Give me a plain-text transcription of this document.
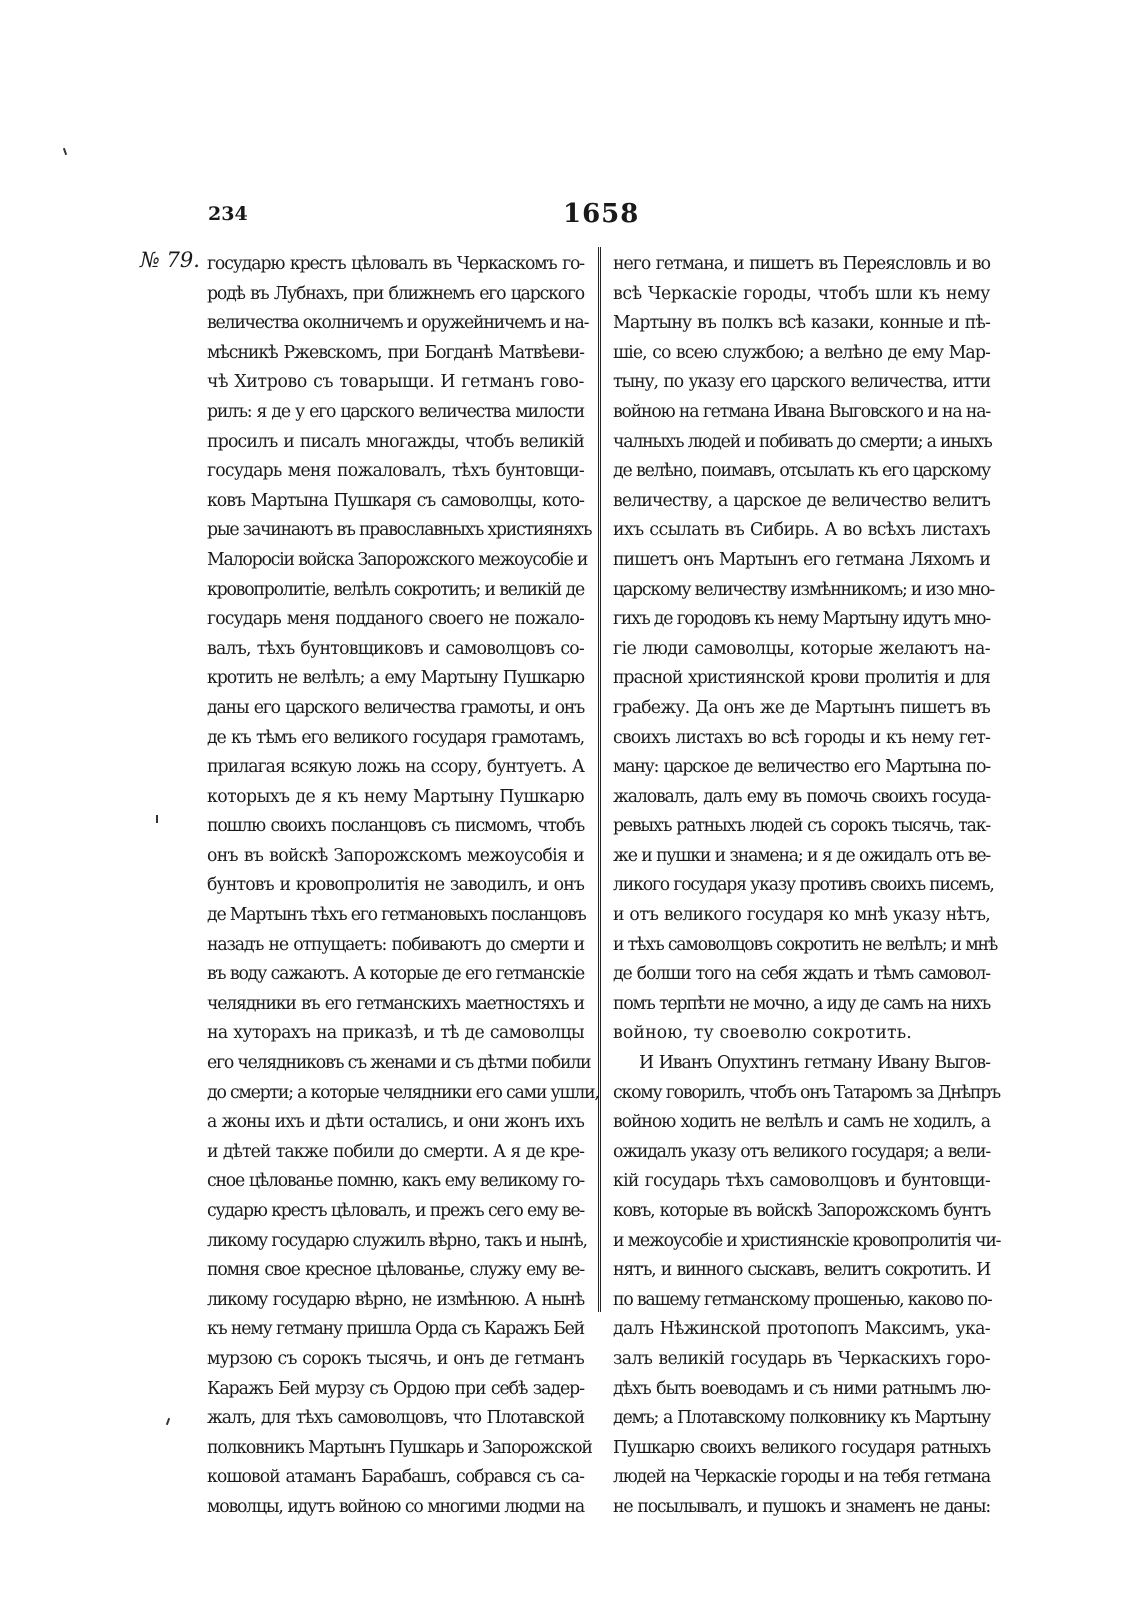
234	1658
№ 79. государю крестъ цѣловалъ въ Черкаскомъ го-
родѣ въ Лубнахъ, при ближнемъ его царского
величества околничемъ и оружейничемъ и на-
мѣсникѣ Ржевскомъ, при Богданѣ Матвѣеви-
чѣ Хитрово съ товарыщи. И гетманъ гово-
рилъ: я де у его царского величества милости
просилъ и писалъ многажды, чтобъ великій
государь меня пожаловалъ, тѣхъ бунтовщи-
ковъ Мартына Пушкаря съ самоволцы, кото-
рые зачинаютъ въ православныхъ християняхъ
Малоросіи войска Запорожского межоусобіе и
кровопролитіе, велѣлъ сокротить; и великій де
государь меня подданого своего не пожало-
валъ, тѣхъ бунтовщиковъ и самоволцовъ со-
кротить не велѣлъ; а ему Мартыну Пушкарю
даны его царского величества грамоты, и онъ
де къ тѣмъ его великого государя грамотамъ,
прилагая всякую ложь на ссору, бунтуетъ. А
которыхъ де я къ нему Мартыну Пушкарю
пошлю своихъ посланцовъ съ писмомъ, чтобъ
онъ въ войскѣ Запорожскомъ межоусобія и
бунтовъ и кровопролитія не заводилъ, и онъ
де Мартынъ тѣхъ его гетмановыхъ посланцовъ
назадъ не отпущаетъ: побиваютъ до смерти и
въ воду сажаютъ. А которые де его гетманскіе
челядники въ его гетманскихъ маетностяхъ и
на хуторахъ на приказѣ, и тѣ де самоволцы
его челядниковъ съ женами и съ дѣтми побили
до смерти; а которые челядники его сами ушли,
а жоны ихъ и дѣти остались, и они жонъ ихъ
и дѣтей также побили до смерти. А я де кре-
сное цѣлованье помню, какъ ему великому го-
сударю крестъ цѣловалъ, и прежъ сего ему ве-
ликому государю служилъ вѣрно, такъ и нынѣ,
помня свое кресное цѣлованье, служу ему ве-
ликому государю вѣрно, не измѣнюю. А нынѣ
къ нему гетману пришла Орда съ Каражъ Бей
мурзою съ сорокъ тысячь, и онъ де гетманъ
Каражъ Бей мурзу съ Ордою при себѣ задер-
жалъ, для тѣхъ самоволцовъ, что Плотавской
полковникъ Мартынъ Пушкарь и Запорожской
кошовой атаманъ Барабашъ, собрався съ са-
моволцы, идутъ войною со многими людми на
него гетмана, и пишетъ въ Переясловль и во
всѣ Черкаскіе городы, чтобъ шли къ нему
Мартыну въ полкъ всѣ казаки, конные и пѣ-
шіе, со всею службою; а велѣно де ему Мар-
тыну, по указу его царского величества, итти
войною на гетмана Ивана Выговского и на на-
чалныхъ людей и побивать до смерти; а иныхъ
де велѣно, поимавъ, отсылать къ его царскому
величеству, а царское де величество велитъ
ихъ ссылать въ Сибирь. А во всѣхъ листахъ
пишетъ онъ Мартынъ его гетмана Ляхомъ и
царскому величеству измѣнникомъ; и изо мно-
гихъ де городовъ къ нему Мартыну идутъ мно-
гіе люди самоволцы, которые желаютъ на-
прасной християнской крови пролитія и для
грабежу. Да онъ же де Мартынъ пишетъ въ
своихъ листахъ во всѣ городы и къ нему гет-
ману: царское де величество его Мартына по-
жаловалъ, далъ ему въ помочь своихъ госуда-
ревыхъ ратныхъ людей съ сорокъ тысячь, так-
же и пушки и знамена; и я де ожидалъ отъ ве-
ликого государя указу противъ своихъ писемъ,
и отъ великого государя ко мнѣ указу нѣтъ,
и тѣхъ самоволцовъ сокротить не велѣлъ; и мнѣ
де болши того на себя ждать и тѣмъ самовол-
помъ терпѣти не мочно, а иду де самъ на нихъ
войною, ту своеволю сокротить.
И Иванъ Опухтинъ гетману Ивану Выгов-
скому говорилъ, чтобъ онъ Татаромъ за Днѣпръ
войною ходить не велѣлъ и самъ не ходилъ, а
ожидалъ указу отъ великого государя; а вели-
кій государь тѣхъ самоволцовъ и бунтовщи-
ковъ, которые въ войскѣ Запорожскомъ бунтъ
и межоусобіе и християнскіе кровопролитія чи-
нятъ, и винного сыскавъ, велитъ сокротить. И
по вашему гетманскому прошенью, каково по-
далъ Нѣжинской протопопъ Максимъ, ука-
залъ великій государь въ Черкаскихъ горо-
дѣхъ быть воеводамъ и съ ними ратнымъ лю-
демъ; а Плотавскому полковнику къ Мартыну
Пушкарю своихъ великого государя ратныхъ
людей на Черкаскіе городы и на тебя гетмана
не посылывалъ, и пушокъ и знаменъ не даны:
